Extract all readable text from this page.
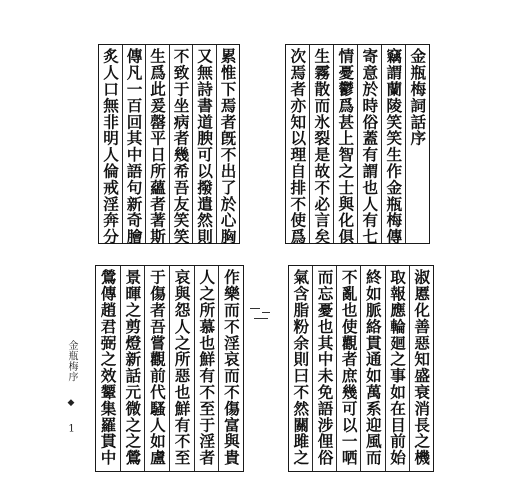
金瓶梅詞話序
竊謂蘭陵笑笑生作金瓶梅傳
寄意於時俗蓋有謂也人有七
情憂鬱爲甚上智之士與化俱
生霧散而氷裂是故不必言矣
次焉者亦知以理自排不使爲
累惟下焉者旣不出了於心胸
又無詩書道腴可以撥遣然則
不致于坐病者幾希吾友笑笑
生爲此爰罄平日所蘊者著斯
傳凡一百回其中語句新奇膾
炙人口無非明人倫戒淫奔分
淑慝化善惡知盛衰消長之機
取報應輪廻之事如在目前始
終如脈絡貫通如萬系迎風而
不亂也使觀者庶幾可以一哂
而忘憂也其中未免語涉俚俗
氣含脂粉余則曰不然關雎之
作樂而不淫哀而不傷富與貴
人之所慕也鮮有不至于淫者
哀與怨人之所惡也鮮有不至
于傷者吾嘗觀前代騷人如盧
景暉之剪燈新話元微之之鶯
鶯傳趙君弼之效颦集羅貫中
金瓶梅序 ◆ 1
